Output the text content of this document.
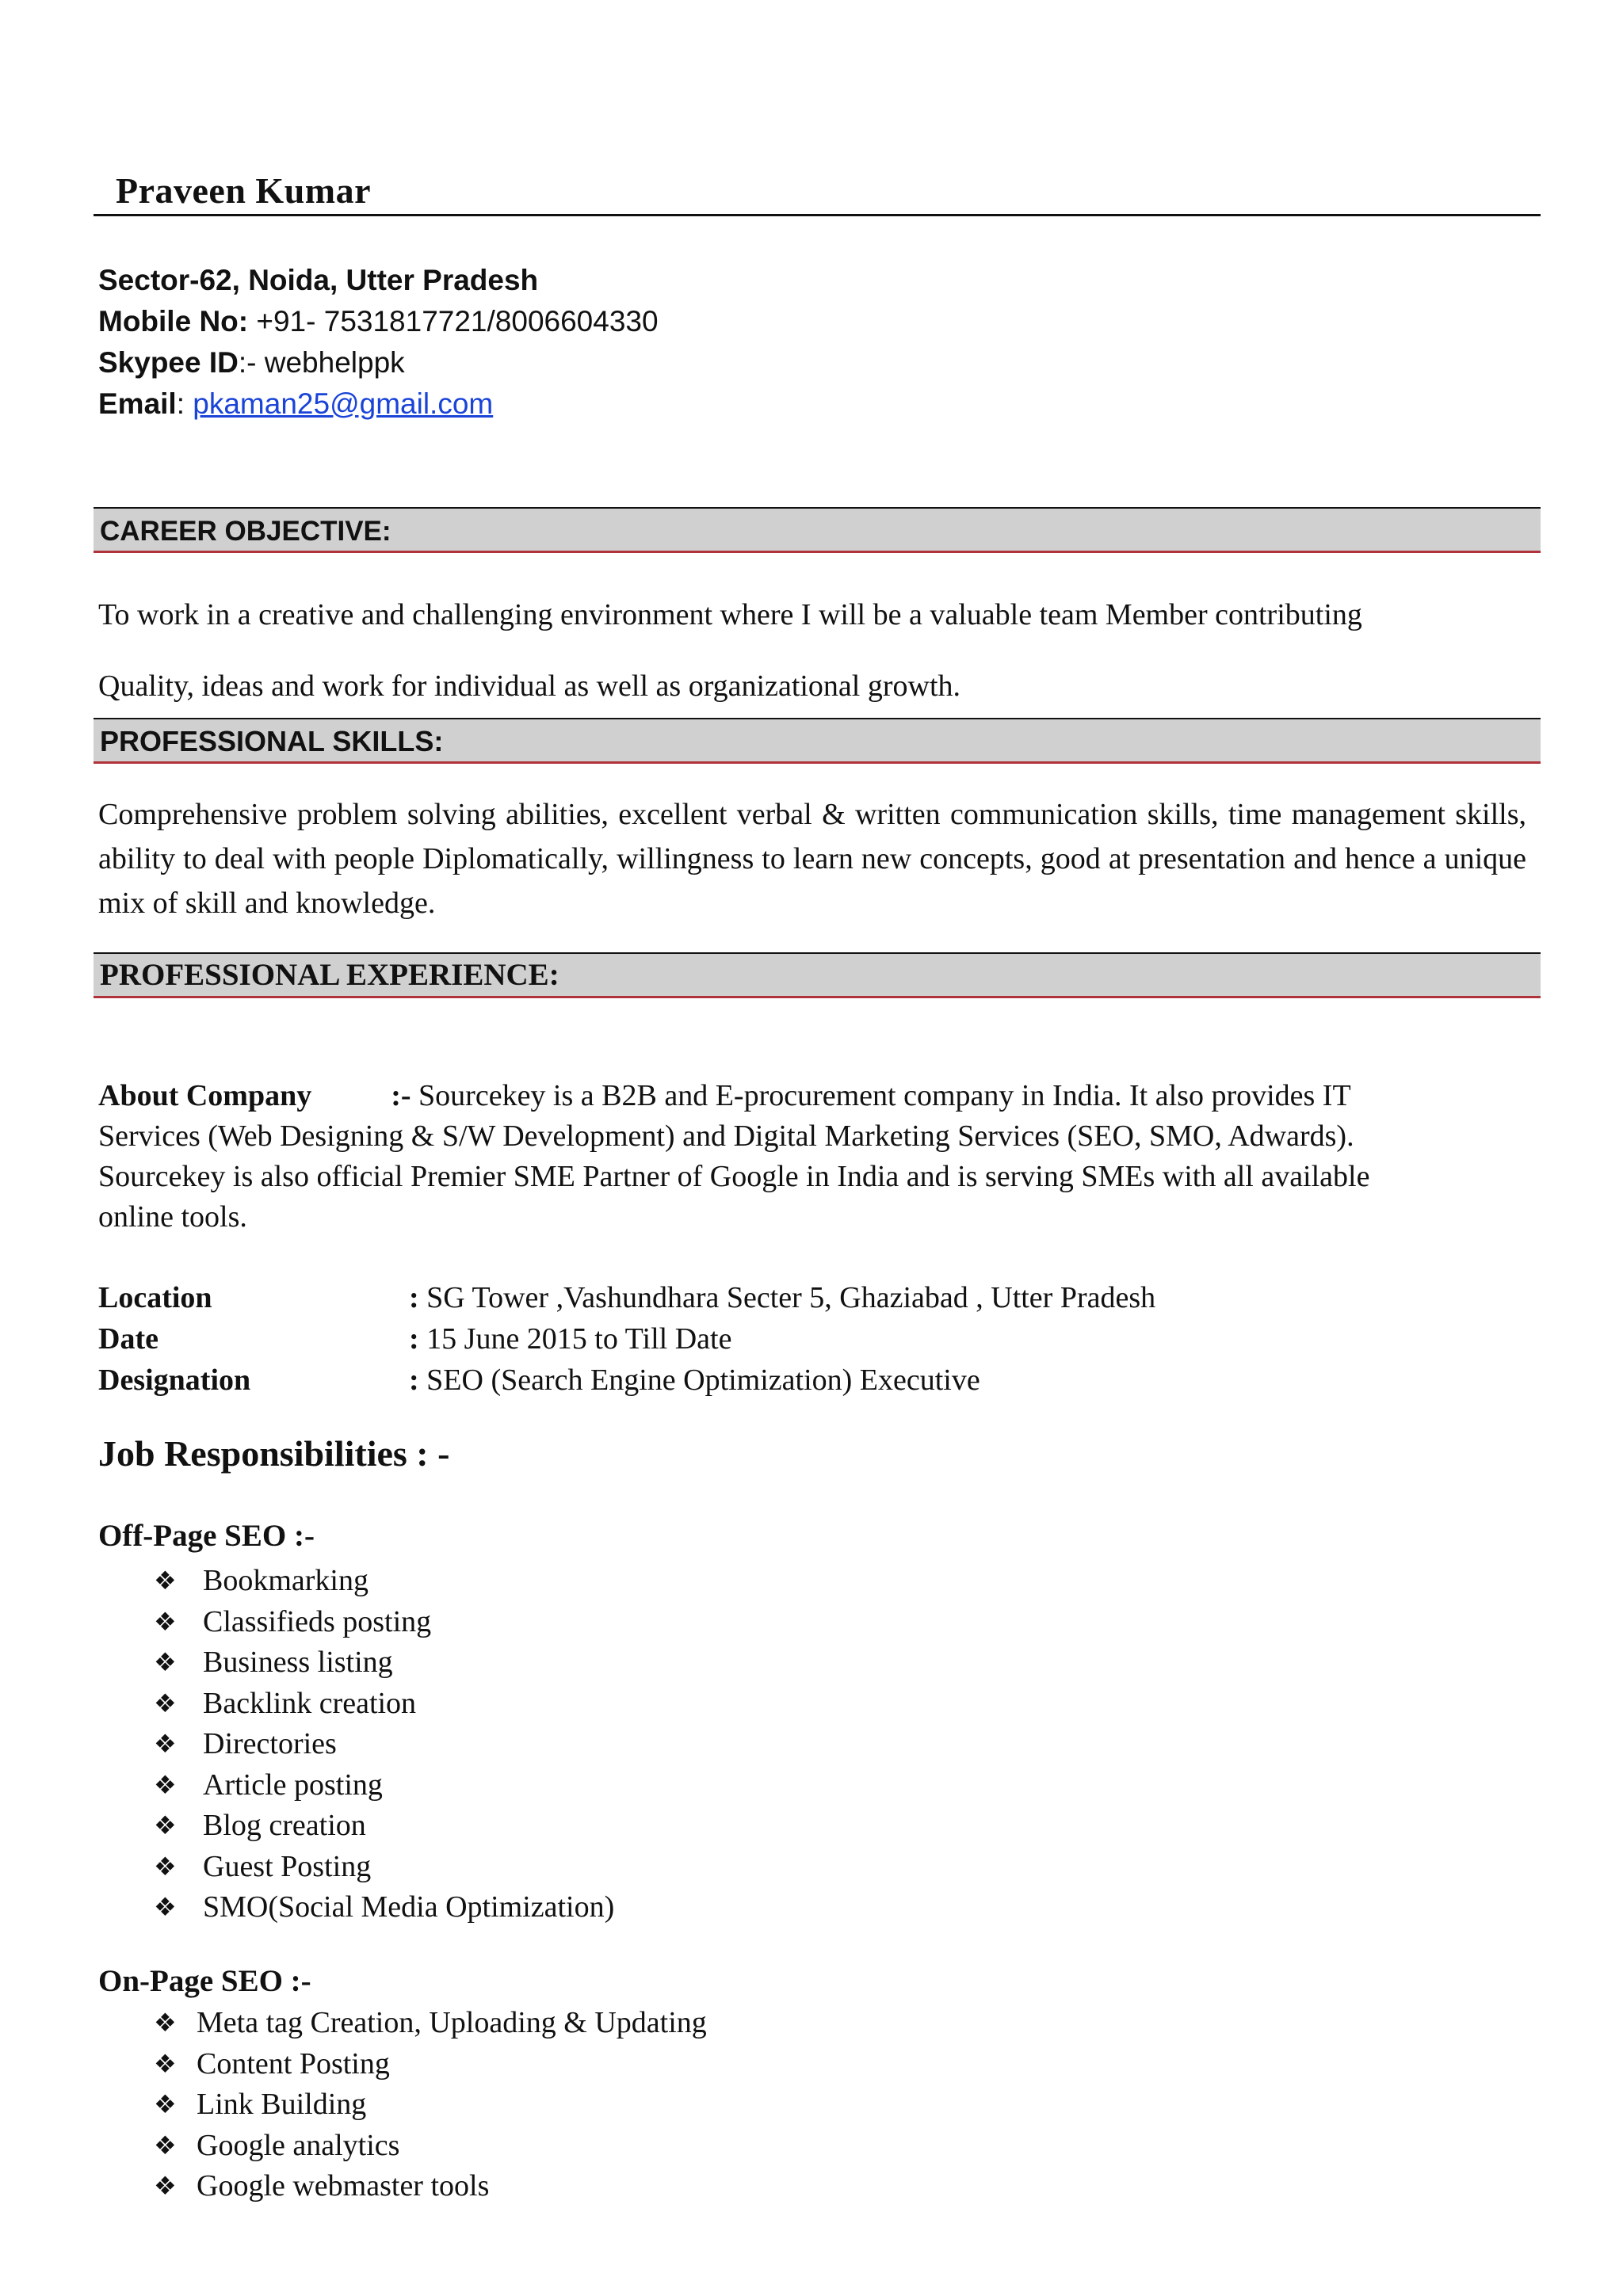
Praveen Kumar
Sector-62, Noida, Utter Pradesh
Mobile No: +91- 7531817721/8006604330
Skypee ID:- webhelppk
Email: pkaman25@gmail.com
CAREER OBJECTIVE:
To work in a creative and challenging environment where I will be a valuable team Member contributing
Quality, ideas and work for individual as well as organizational growth.
PROFESSIONAL SKILLS:
Comprehensive problem solving abilities, excellent verbal & written communication skills, time management skills, ability to deal with people Diplomatically, willingness to learn new concepts, good at presentation and hence a unique mix of skill and knowledge.
PROFESSIONAL EXPERIENCE:
About Company	:- Sourcekey is a B2B and E-procurement company in India. It also provides IT
Services (Web Designing & S/W Development) and Digital Marketing Services (SEO, SMO, Adwards).
Sourcekey is also official Premier SME Partner of Google in India and is serving SMEs with all available
online tools.
Location	: SG Tower ,Vashundhara Secter 5, Ghaziabad , Utter Pradesh
Date	: 15 June 2015 to Till Date
Designation	: SEO (Search Engine Optimization) Executive
Job Responsibilities : -
Off-Page SEO :-
❖ Bookmarking
❖ Classifieds posting
❖ Business listing
❖ Backlink creation
❖ Directories
❖ Article posting
❖ Blog creation
❖ Guest Posting
❖ SMO(Social Media Optimization)
On-Page SEO :-
❖ Meta tag Creation, Uploading & Updating
❖ Content Posting
❖ Link Building
❖ Google analytics
❖ Google webmaster tools
